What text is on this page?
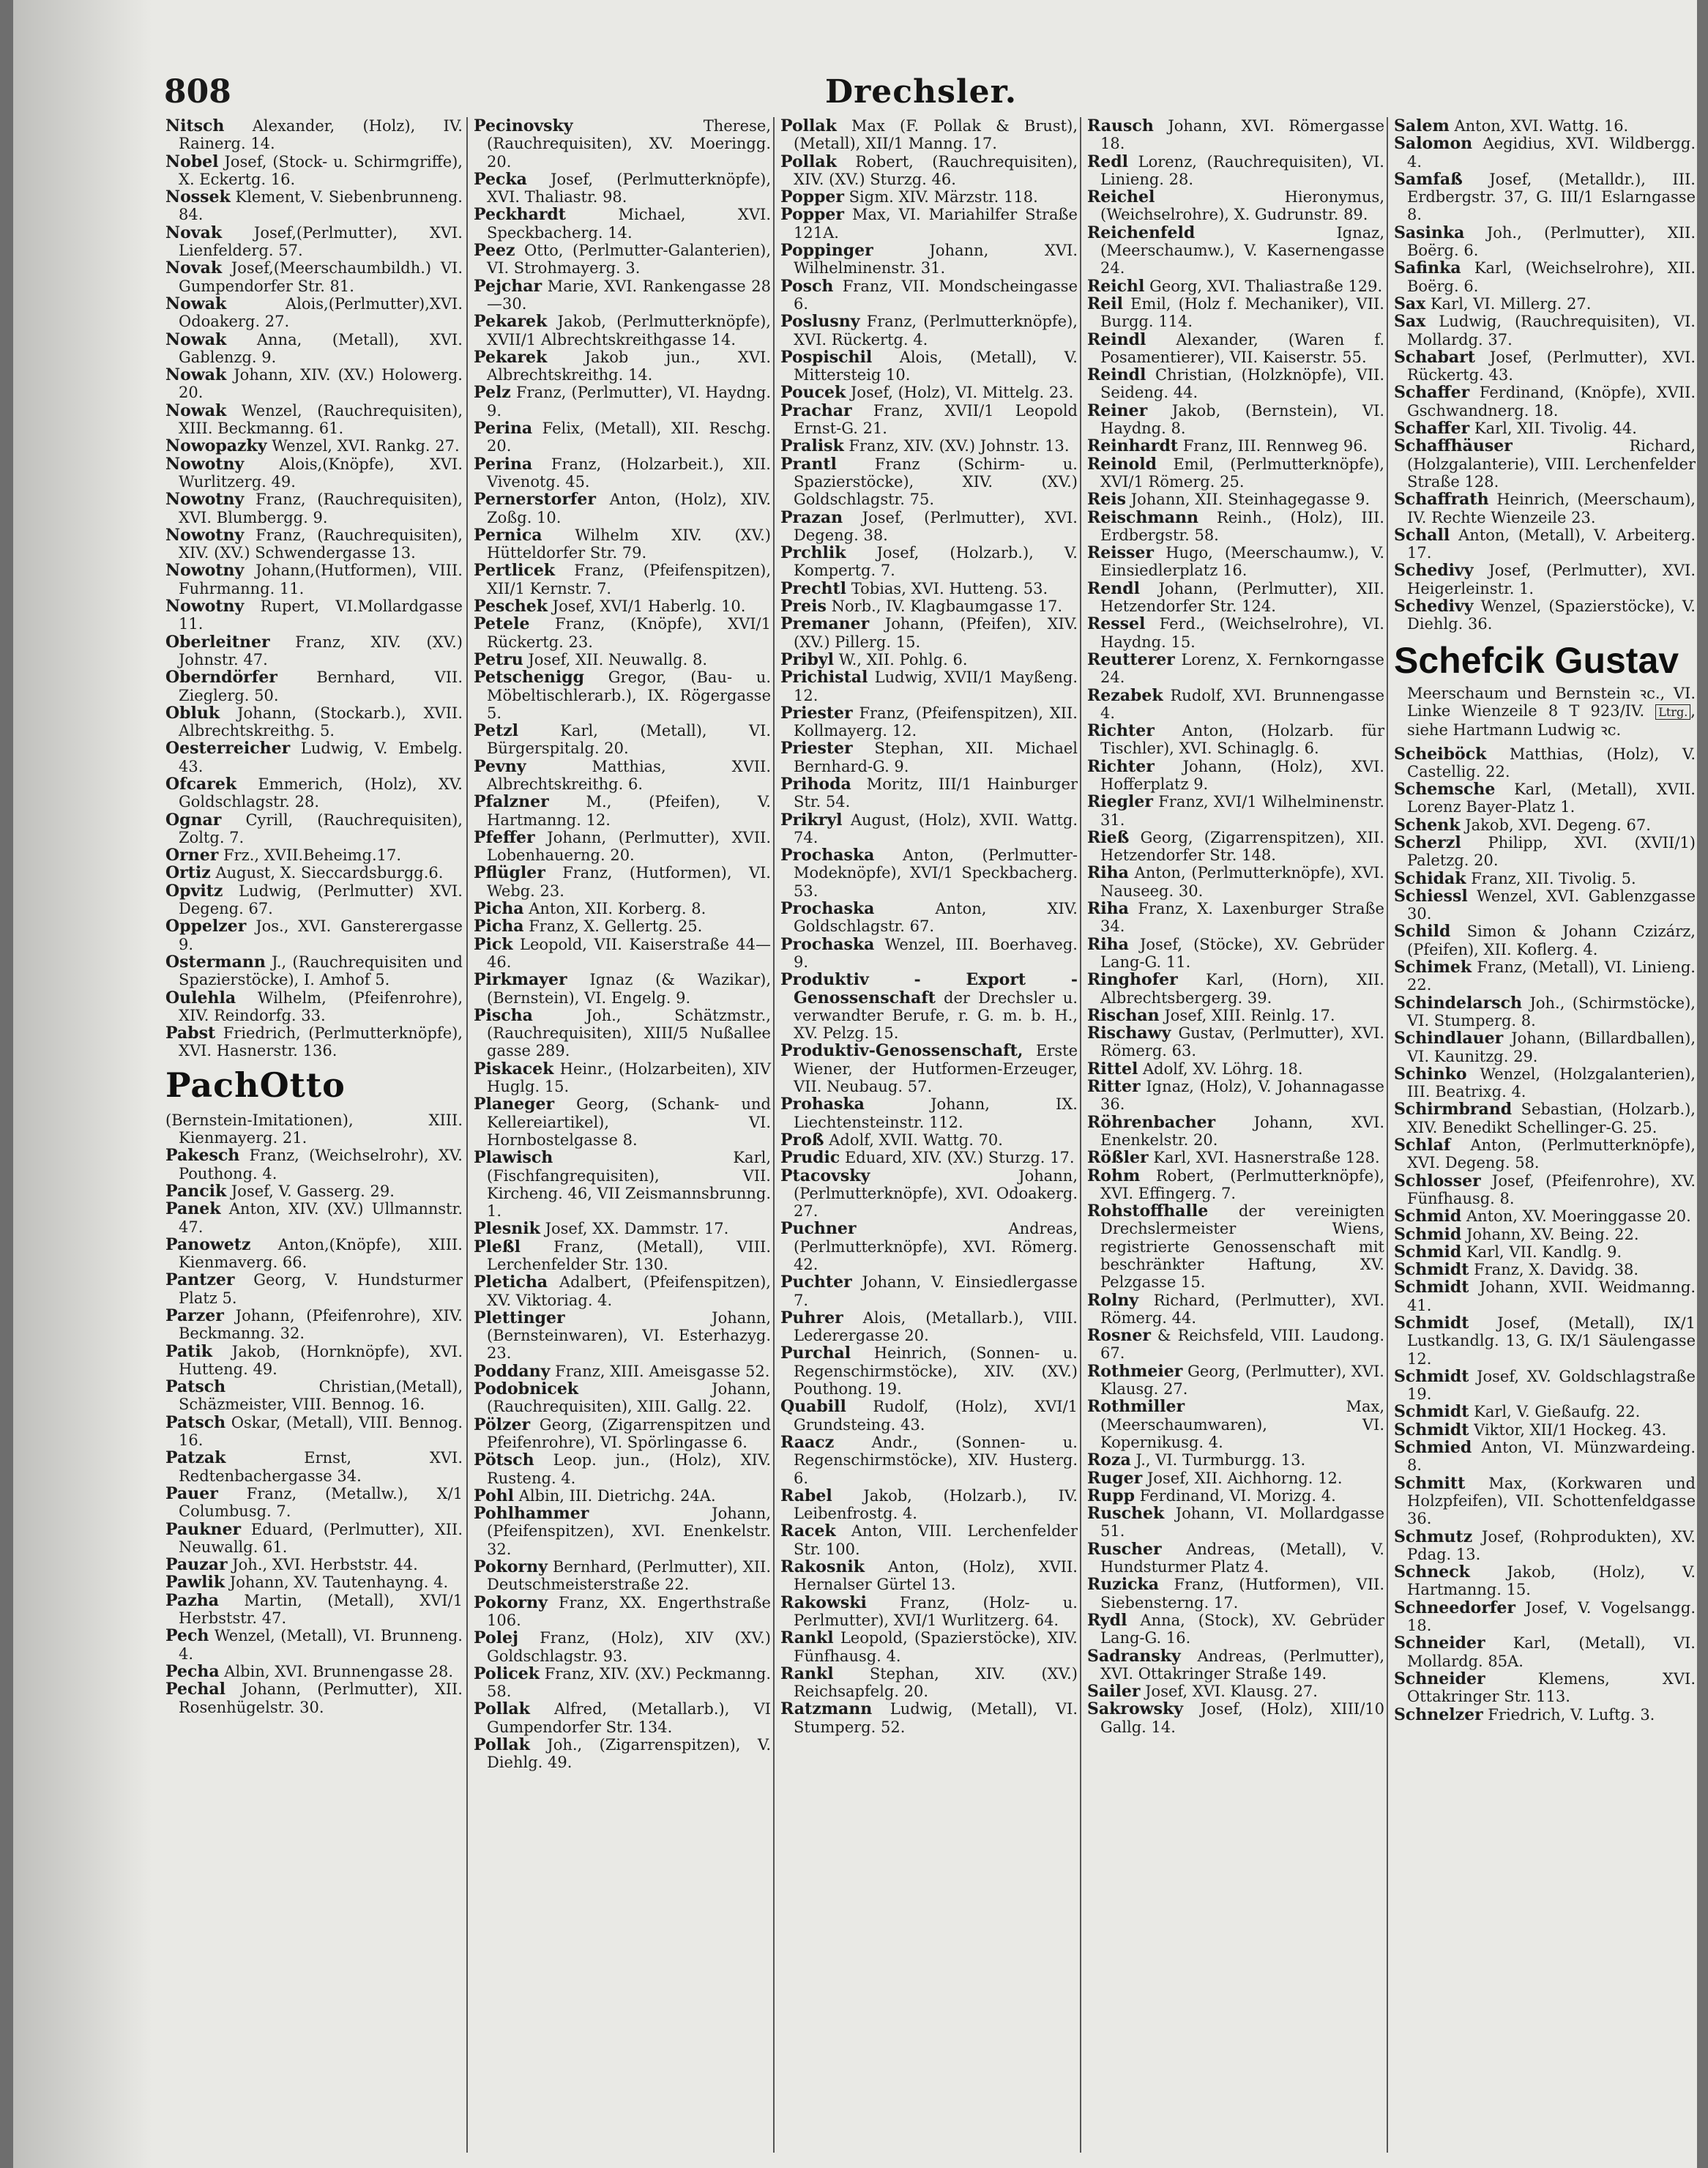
808	Drechsler.
Nitsch Alexander, (Holz), IV. Rainerg. 14.
Nobel Josef, (Stock- u. Schirmgriffe), X. Eckertg. 16.
Nossek Klement, V. Siebenbrunneng. 84.
Novak Josef,(Perlmutter), XVI. Lienfelderg. 57.
Novak Josef,(Meerschaumbildh.) VI. Gumpendorfer Str. 81.
Nowak	Alois,(Perlmutter),XVI. Odoakerg. 27.
Nowak Anna, (Metall), XVI. Gablenzg. 9.
Nowak Johann, XIV. (XV.) Holowerg. 20.
Nowak Wenzel, (Rauchrequisiten), XIII. Beckmanng. 61.
Nowopazky Wenzel, XVI. Rankg. 27.
Nowotny Alois,(Knöpfe), XVI. Wurlitzerg. 49.
Nowotny Franz, (Rauchrequisiten), XVI. Blumbergg. 9.
Nowotny Franz, (Rauchrequisiten), XIV. (XV.) Schwendergasse 13.
Nowotny Johann,(Hutformen), VIII. Fuhrmanng. 11.
Nowotny Rupert, VI.Mollardgasse 11.
Oberleitner Franz, XIV. (XV.) Johnstr. 47.
Oberndörfer	Bernhard, VII. Zieglerg. 50.
Obluk Johann, (Stockarb.), XVII. Albrechtskreithg. 5.
Oesterreicher Ludwig, V. Embelg. 43.
Ofcarek Emmerich, (Holz), XV. Goldschlagstr. 28.
Ognar Cyrill, (Rauchrequisiten), Zoltg. 7.
Orner Frz., XVII.Beheimg.17.
Ortiz August, X. Sieccardsburgg.6.
Opvitz Ludwig, (Perlmutter) XVI. Degeng. 67.
Oppelzer Jos., XVI. Gansterergasse 9.
Ostermann J., (Rauchrequisiten und Spazierstöcke), I. Amhof 5.
Oulehla Wilhelm, (Pfeifenrohre), XIV. Reindorfg. 33.
Pabst Friedrich, (Perlmutterknöpfe), XVI. Hasnerstr. 136.
PachOtto
(Bernstein-Imitationen), XIII. Kienmayerg. 21.
Pakesch Franz, (Weichselrohr), XV. Pouthong. 4.
Pancik Josef, V. Gasserg. 29.
Panek Anton, XIV. (XV.) Ullmannstr. 47.
Panowetz Anton,(Knöpfe), XIII. Kienmaverg. 66.
Pantzer Georg, V. Hundsturmer Platz 5.
Parzer Johann, (Pfeifenrohre), XIV. Beckmanng. 32.
Patik Jakob, (Hornknöpfe), XVI. Hutteng. 49.
Patsch	Christian,(Metall), Schäzmeister, VIII. Bennog. 16.
Patsch Oskar, (Metall), VIII. Bennog. 16.
Patzak	Ernst, XVI. Redtenbachergasse 34.
Pauer Franz, (Metallw.), X/1 Columbusg. 7.
Paukner Eduard, (Perlmutter), XII. Neuwallg. 61.
Pauzar Joh., XVI. Herbststr. 44.
Pawlik Johann, XV. Tautenhayng. 4.
Pazha Martin, (Metall), XVI/1 Herbststr. 47.
Pech Wenzel, (Metall), VI. Brunneng. 4.
Pecha Albin, XVI. Brunnengasse 28.
Pechal Johann, (Perlmutter), XII. Rosenhügelstr. 30.
Pecinovsky	Therese, (Rauchrequisiten), XV. Moeringg. 20.
Pecka Josef, (Perlmutterknöpfe), XVI. Thaliastr. 98.
Peckhardt	Michael, XVI. Speckbacherg. 14.
Peez Otto, (Perlmutter-Galanterien), VI. Strohmayerg. 3.
Pejchar Marie, XVI. Rankengasse 28—30.
Pekarek Jakob, (Perlmutterknöpfe), XVII/1 Albrechtskreithgasse 14.
Pekarek Jakob jun., XVI. Albrechtskreithg. 14.
Pelz Franz, (Perlmutter), VI. Haydng. 9.
Perina Felix, (Metall), XII. Reschg. 20.
Perina Franz, (Holzarbeit.), XII. Vivenotg. 45.
Pernerstorfer Anton, (Holz), XIV. Zoßg. 10.
Pernica Wilhelm XIV. (XV.) Hütteldorfer Str. 79.
Pertlicek Franz, (Pfeifenspitzen), XII/1 Kernstr. 7.
Peschek Josef, XVI/1 Haberlg. 10.
Petele Franz, (Knöpfe), XVI/1 Rückertg. 23.
Petru Josef, XII. Neuwallg. 8.
Petschenigg Gregor, (Bau- u. Möbeltischlerarb.), IX. Rögergasse 5.
Petzl	Karl, (Metall), VI. Bürgerspitalg. 20.
Pevny	Matthias, XVII. Albrechtskreithg. 6.
Pfalzner M., (Pfeifen), V. Hartmanng. 12.
Pfeffer Johann, (Perlmutter), XVII. Lobenhauerng. 20.
Pflügler Franz, (Hutformen), VI. Webg. 23.
Picha Anton, XII. Korberg. 8.
Picha Franz, X. Gellertg. 25.
Pick Leopold, VII. Kaiserstraße 44—46.
Pirkmayer Ignaz (& Wazikar), (Bernstein), VI. Engelg. 9.
Pischa	Joh., Schätzmstr., (Rauchrequisiten), XIII/5 Nußallee gasse 289.
Piskacek Heinr., (Holzarbeiten), XIV Huglg. 15.
Planeger Georg, (Schank- und Kellereiartikel), VI. Hornbostelgasse 8.
Plawisch	Karl, (Fischfangrequisiten), VII. Kircheng. 46, VII Zeismannsbrunng. 1.
Plesnik Josef, XX. Dammstr. 17.
Pleßl Franz, (Metall), VIII. Lerchenfelder Str. 130.
Pleticha Adalbert, (Pfeifenspitzen), XV. Viktoriag. 4.
Plettinger	Johann, (Bernsteinwaren), VI. Esterhazyg. 23.
Poddany Franz, XIII. Ameisgasse 52.
Podobnicek	Johann, (Rauchrequisiten), XIII. Gallg. 22.
Pölzer Georg, (Zigarrenspitzen und Pfeifenrohre), VI. Spörlingasse 6.
Pötsch Leop. jun., (Holz), XIV. Rusteng. 4.
Pohl Albin, III. Dietrichg. 24A.
Pohlhammer	Johann,(Pfeifenspitzen), XVI. Enenkelstr. 32.
Pokorny Bernhard, (Perlmutter), XII. Deutschmeisterstraße 22.
Pokorny Franz, XX. Engerthstraße 106.
Polej Franz, (Holz), XIV (XV.) Goldschlagstr. 93.
Policek Franz, XIV. (XV.) Peckmanng. 58.
Pollak Alfred, (Metallarb.), VI Gumpendorfer Str. 134.
Pollak Joh., (Zigarrenspitzen), V. Diehlg. 49.
Pollak Max (F. Pollak & Brust), (Metall), XII/1 Manng. 17.
Pollak Robert, (Rauchrequisiten), XIV. (XV.) Sturzg. 46.
Popper Sigm. XIV. Märzstr. 118.
Popper Max, VI. Mariahilfer Straße 121A.
Poppinger	Johann, XVI. Wilhelminenstr. 31.
Posch Franz, VII. Mondscheingasse 6.
Poslusny Franz, (Perlmutterknöpfe), XVI. Rückertg. 4.
Pospischil Alois, (Metall), V. Mittersteig 10.
Poucek Josef, (Holz), VI. Mittelg. 23.
Prachar Franz, XVII/1 Leopold Ernst-G. 21.
Pralisk Franz, XIV. (XV.) Johnstr. 13.
Prantl Franz (Schirm- u. Spazierstöcke), XIV. (XV.) Goldschlagstr. 75.
Prazan Josef, (Perlmutter), XVI. Degeng. 38.
Prchlik Josef, (Holzarb.), V. Kompertg. 7.
Prechtl Tobias, XVI. Hutteng. 53.
Preis Norb., IV. Klagbaumgasse 17.
Premaner Johann, (Pfeifen), XIV. (XV.) Pillerg. 15.
Pribyl W., XII. Pohlg. 6.
Prichistal Ludwig, XVII/1 Mayßeng. 12.
Priester Franz, (Pfeifenspitzen), XII. Kollmayerg. 12.
Priester Stephan, XII. Michael Bernhard-G. 9.
Prihoda Moritz, III/1 Hainburger Str. 54.
Prikryl August, (Holz), XVII. Wattg. 74.
Prochaska Anton, (Perlmutter-Modeknöpfe), XVI/1 Speckbacherg. 53.
Prochaska	Anton, XIV. Goldschlagstr. 67.
Prochaska Wenzel, III. Boerhaveg. 9.
Produktiv - Export - Genossenschaft der Drechsler u. verwandter Berufe, r. G. m. b. H., XV. Pelzg. 15.
Produktiv-Genossenschaft, Erste Wiener, der Hutformen-Erzeuger, VII. Neubaug. 57.
Prohaska	Johann, IX. Liechtensteinstr. 112.
Proß Adolf, XVII. Wattg. 70.
Prudic Eduard, XIV. (XV.) Sturzg. 17.
Ptacovsky	Johann, (Perlmutterknöpfe), XVI. Odoakerg. 27.
Puchner	Andreas, (Perlmutterknöpfe), XVI. Römerg. 42.
Puchter Johann, V. Einsiedlergasse 7.
Puhrer Alois, (Metallarb.), VIII. Lederergasse 20.
Purchal Heinrich, (Sonnen- u. Regenschirmstöcke), XIV. (XV.) Pouthong. 19.
Quabill Rudolf, (Holz), XVI/1 Grundsteing. 43.
Raacz Andr., (Sonnen- u. Regenschirmstöcke), XIV. Husterg. 6.
Rabel Jakob, (Holzarb.), IV. Leibenfrostg. 4.
Racek Anton, VIII. Lerchenfelder Str. 100.
Rakosnik Anton, (Holz), XVII. Hernalser Gürtel 13.
Rakowski Franz, (Holz- u. Perlmutter), XVI/1 Wurlitzerg. 64.
Rankl Leopold, (Spazierstöcke), XIV. Fünfhausg. 4.
Rankl Stephan, XIV. (XV.) Reichsapfelg. 20.
Ratzmann Ludwig, (Metall), VI. Stumperg. 52.
Rausch Johann, XVI. Römergasse 18.
Redl Lorenz, (Rauchrequisiten), VI. Linieng. 28.
Reichel	Hieronymus, (Weichselrohre), X. Gudrunstr. 89.
Reichenfeld	Ignaz, (Meerschaumw.), V. Kasernengasse 24.
Reichl Georg, XVI. Thaliastraße 129.
Reil Emil, (Holz f. Mechaniker), VII. Burgg. 114.
Reindl Alexander, (Waren f. Posamentierer), VII. Kaiserstr. 55.
Reindl Christian, (Holzknöpfe), VII. Seideng. 44.
Reiner Jakob, (Bernstein), VI. Haydng. 8.
Reinhardt Franz, III. Rennweg 96.
Reinold Emil, (Perlmutterknöpfe), XVI/1 Römerg. 25.
Reis Johann, XII. Steinhagegasse 9.
Reischmann Reinh., (Holz), III. Erdbergstr. 58.
Reisser Hugo, (Meerschaumw.), V. Einsiedlerplatz 16.
Rendl Johann, (Perlmutter), XII. Hetzendorfer Str. 124.
Ressel Ferd., (Weichselrohre), VI. Haydng. 15.
Reutterer Lorenz, X. Fernkorngasse 24.
Rezabek Rudolf, XVI. Brunnengasse 4.
Richter Anton, (Holzarb. für Tischler), XVI. Schinaglg. 6.
Richter Johann, (Holz), XVI. Hofferplatz 9.
Riegler Franz, XVI/1 Wilhelminenstr. 31.
Rieß Georg, (Zigarrenspitzen), XII. Hetzendorfer Str. 148.
Riha Anton, (Perlmutterknöpfe), XVI. Nauseeg. 30.
Riha Franz, X. Laxenburger Straße 34.
Riha Josef, (Stöcke), XV. Gebrüder Lang-G. 11.
Ringhofer Karl, (Horn), XII. Albrechtsbergerg. 39.
Rischan Josef, XIII. Reinlg. 17.
Rischawy Gustav, (Perlmutter), XVI. Römerg. 63.
Rittel Adolf, XV. Löhrg. 18.
Ritter Ignaz, (Holz), V. Johannagasse 36.
Röhrenbacher Johann, XVI. Enenkelstr. 20.
Rößler Karl, XVI. Hasnerstraße 128.
Rohm Robert, (Perlmutterknöpfe), XVI. Effingerg. 7.
Rohstoffhalle der vereinigten Drechslermeister Wiens, registrierte Genossenschaft mit beschränkter Haftung, XV. Pelzgasse 15.
Rolny Richard, (Perlmutter), XVI. Römerg. 44.
Rosner & Reichsfeld, VIII. Laudong. 67.
Rothmeier Georg, (Perlmutter), XVI. Klausg. 27.
Rothmiller	Max, (Meerschaumwaren), VI. Kopernikusg. 4.
Roza J., VI. Turmburgg. 13.
Ruger Josef, XII. Aichhorng. 12.
Rupp Ferdinand, VI. Morizg. 4.
Ruschek Johann, VI. Mollardgasse 51.
Ruscher Andreas, (Metall), V. Hundsturmer Platz 4.
Ruzicka Franz, (Hutformen), VII. Siebensterng. 17.
Rydl Anna, (Stock), XV. Gebrüder Lang-G. 16.
Sadransky Andreas, (Perlmutter), XVI. Ottakringer Straße 149.
Sailer Josef, XVI. Klausg. 27.
Sakrowsky Josef, (Holz), XIII/10 Gallg. 14.
Salem Anton, XVI. Wattg. 16.
Salomon Aegidius, XVI. Wildbergg. 4.
Samfaß Josef, (Metalldr.), III. Erdbergstr. 37, G. III/1 Eslarngasse 8.
Sasinka Joh., (Perlmutter), XII. Boërg. 6.
Safinka Karl, (Weichselrohre), XII. Boërg. 6.
Sax Karl, VI. Millerg. 27.
Sax Ludwig, (Rauchrequisiten), VI. Mollardg. 37.
Schabart Josef, (Perlmutter), XVI. Rückertg. 43.
Schaffer Ferdinand, (Knöpfe), XVII. Gschwandnerg. 18.
Schaffer Karl, XII. Tivolig. 44.
Schaffhäuser	Richard, (Holzgalanterie), VIII. Lerchenfelder Straße 128.
Schaffrath Heinrich, (Meerschaum), IV. Rechte Wienzeile 23.
Schall Anton, (Metall), V. Arbeiterg. 17.
Schedivy Josef, (Perlmutter), XVI. Heigerleinstr. 1.
Schedivy Wenzel, (Spazierstöcke), V. Diehlg. 36.
Schefcik Gustav
Meerschaum und Bernstein ꝛc., VI. Linke Wienzeile 8 T 923/IV. Ltrg. , siehe Hartmann Ludwig ꝛc.
Scheiböck Matthias, (Holz), V. Castellig. 22.
Schemsche Karl, (Metall), XVII. Lorenz Bayer-Platz 1.
Schenk Jakob, XVI. Degeng. 67.
Scherzl Philipp, XVI. (XVII/1) Paletzg. 20.
Schidak Franz, XII. Tivolig. 5.
Schiessl Wenzel, XVI. Gablenzgasse 30.
Schild Simon & Johann Czizárz, (Pfeifen), XII. Koflerg. 4.
Schimek Franz, (Metall), VI. Linieng. 22.
Schindelarsch Joh., (Schirmstöcke), VI. Stumperg. 8.
Schindlauer Johann, (Billardballen), VI. Kaunitzg. 29.
Schinko Wenzel, (Holzgalanterien), III. Beatrixg. 4.
Schirmbrand Sebastian, (Holzarb.), XIV. Benedikt Schellinger-G. 25.
Schlaf Anton, (Perlmutterknöpfe), XVI. Degeng. 58.
Schlosser Josef, (Pfeifenrohre), XV. Fünfhausg. 8.
Schmid Anton, XV. Moeringgasse 20.
Schmid Johann, XV. Being. 22.
Schmid Karl, VII. Kandlg. 9.
Schmidt Franz, X. Davidg. 38.
Schmidt Johann, XVII. Weidmanng. 41.
Schmidt Josef, (Metall), IX/1 Lustkandlg. 13, G. IX/1 Säulengasse 12.
Schmidt Josef, XV. Goldschlagstraße 19.
Schmidt Karl, V. Gießaufg. 22.
Schmidt Viktor, XII/1 Hockeg. 43.
Schmied Anton, VI. Münzwardeing. 8.
Schmitt Max, (Korkwaren und Holzpfeifen), VII. Schottenfeldgasse 36.
Schmutz Josef, (Rohprodukten), XV. Pdag. 13.
Schneck Jakob, (Holz), V. Hartmanng. 15.
Schneedorfer Josef, V. Vogelsangg. 18.
Schneider Karl, (Metall), VI. Mollardg. 85A.
Schneider	Klemens, XVI. Ottakringer Str. 113.
Schnelzer Friedrich, V. Luftg. 3.
